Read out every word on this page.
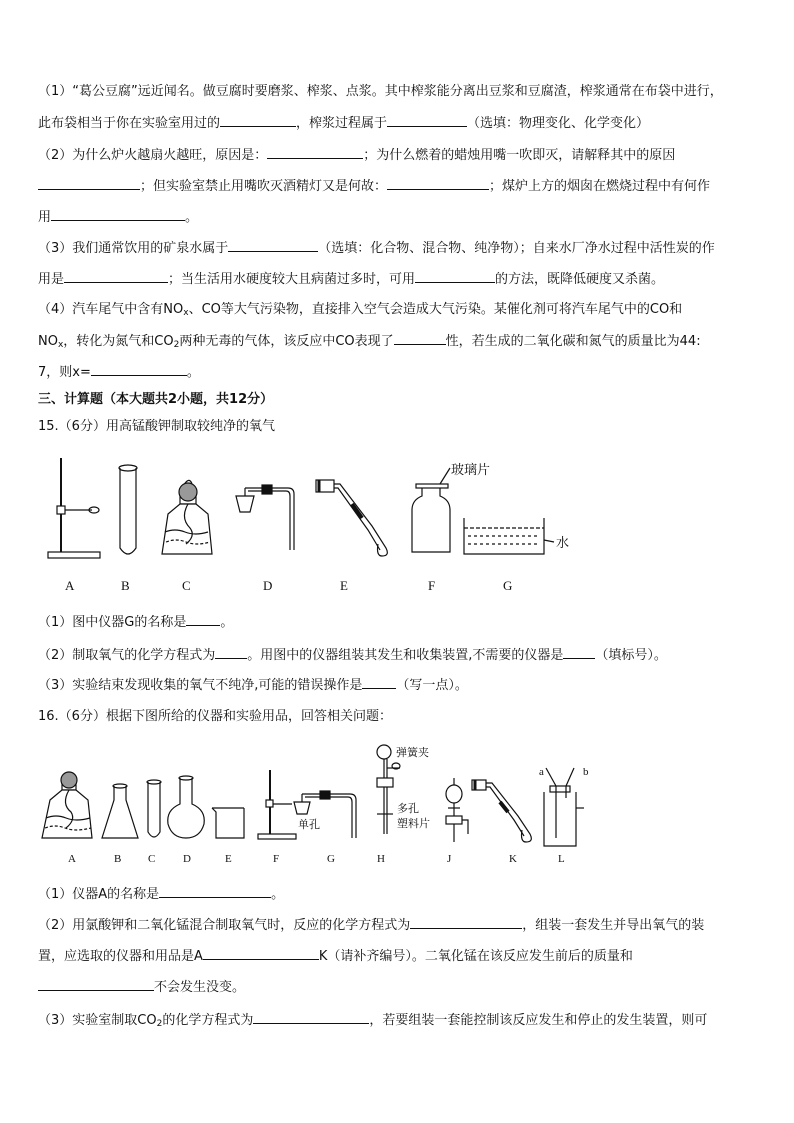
（1）“葛公豆腐”远近闻名。做豆腐时要磨浆、榨浆、点浆。其中榨浆能分离出豆浆和豆腐渣，榨浆通常在布袋中进行，
此布袋相当于你在实验室用过的	，榨浆过程属于	（选填：物理变化、化学变化）
（2）为什么炉火越扇火越旺，原因是：	；为什么燃着的蜡烛用嘴一吹即灭，请解释其中的原因
；但实验室禁止用嘴吹灭酒精灯又是何故：	；煤炉上方的烟囱在燃烧过程中有何作
用	。
（3）我们通常饮用的矿泉水属于	（选填：化合物、混合物、纯净物）；自来水厂净水过程中活性炭的作
用是	；当生活用水硬度较大且病菌过多时，可用	的方法，既降低硬度又杀菌。
（4）汽车尾气中含有$NO_x$、CO等大气污染物，直接排入空气会造成大气污染。某催化剂可将汽车尾气中的CO和
$NO_x$，转化为氮气和$CO_2$两种无毒的气体，该反应中CO表现了	性，若生成的二氧化碳和氮气的质量比为44:
7，则x=	。
三、计算题（本大题共2小题，共12分）
15.（6分）用高锰酸钾制取较纯净的氧气
玻璃片
水
A	B	C	D	E	F	G
（1）图中仪器G的名称是	。
（2）制取氧气的化学方程式为 。用图中的仪器组装其发生和收集装置,不需要的仪器是 （填标号）。
（3）实验结束发现收集的氧气不纯净,可能的错误操作是	（写一点）。
16.（6分）根据下图所给的仪器和实验用品，回答相关问题：
弹簧夹
单孔
多孔
塑料片
a	b
A	B C	D	E	F	G	H	J	K	L
（1）仪器A的名称是	。
（2）用氯酸钾和二氧化锰混合制取氧气时，反应的化学方程式为	，组装一套发生并导出氧气的装
置，应选取的仪器和用品是A	K（请补齐编号）。二氧化锰在该反应发生前后的质量和
不会发生没变。
（3）实验室制取$CO_2$的化学方程式为	，若要组装一套能控制该反应发生和停止的发生装置，则可
